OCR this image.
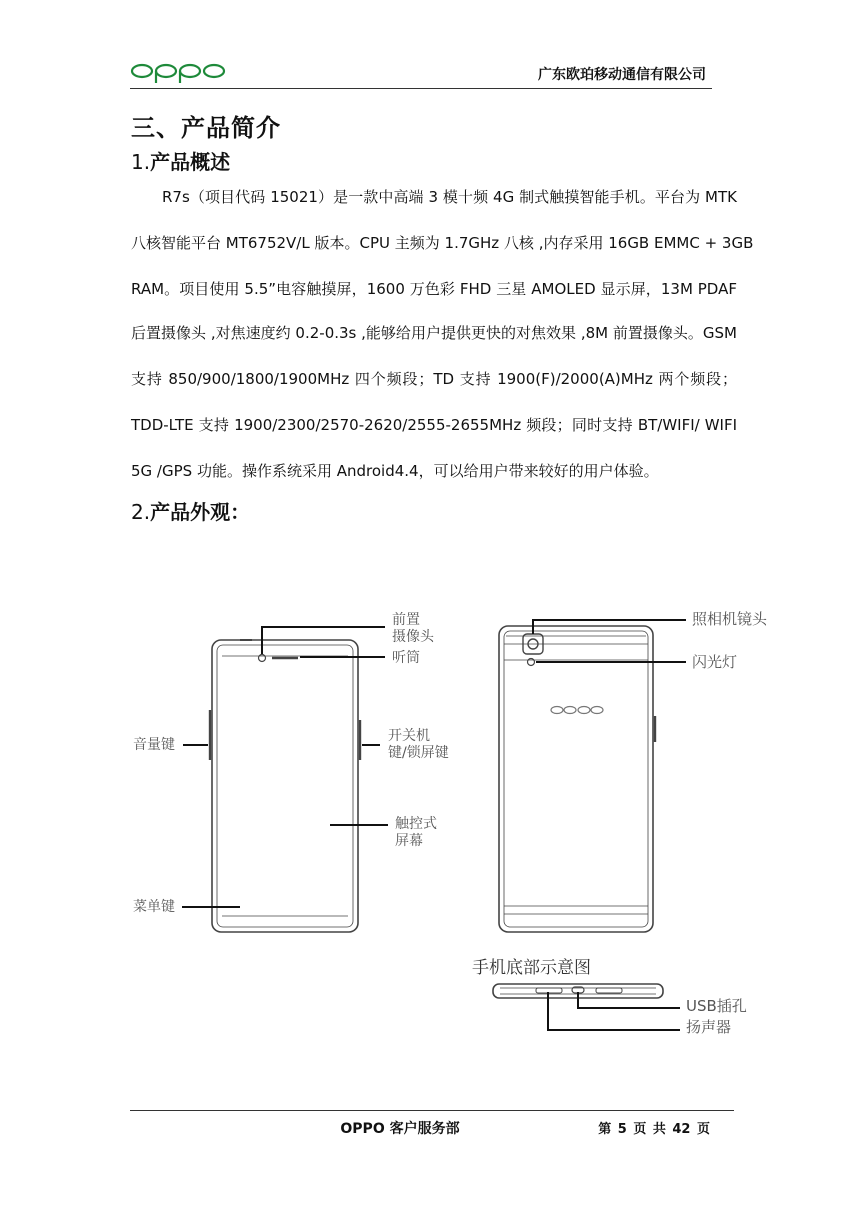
广东欧珀移动通信有限公司
三、产品简介
1.产品概述
R7s（项目代码 15021）是一款中高端 3 模十频 4G 制式触摸智能手机。平台为 MTK
八核智能平台 MT6752V/L 版本。CPU 主频为 1.7GHz 八核 ,内存采用 16GB EMMC + 3GB
RAM。项目使用 5.5”电容触摸屏，1600 万色彩 FHD 三星 AMOLED 显示屏，13M PDAF
后置摄像头 ,对焦速度约 0.2-0.3s ,能够给用户提供更快的对焦效果 ,8M 前置摄像头。GSM
支持 850/900/1800/1900MHz 四个频段；TD 支持 1900(F)/2000(A)MHz 两个频段；
TDD-LTE 支持 1900/2300/2570-2620/2555-2655MHz 频段；同时支持 BT/WIFI/ WIFI
5G /GPS 功能。操作系统采用 Android4.4，可以给用户带来较好的用户体验。
2.产品外观：
前置
摄像头
听筒
音量键
开关机
键/锁屏键
触控式
屏幕
菜单键
照相机镜头
闪光灯
手机底部示意图
USB插孔
扬声器
OPPO 客户服务部	第 5 页 共 42 页
